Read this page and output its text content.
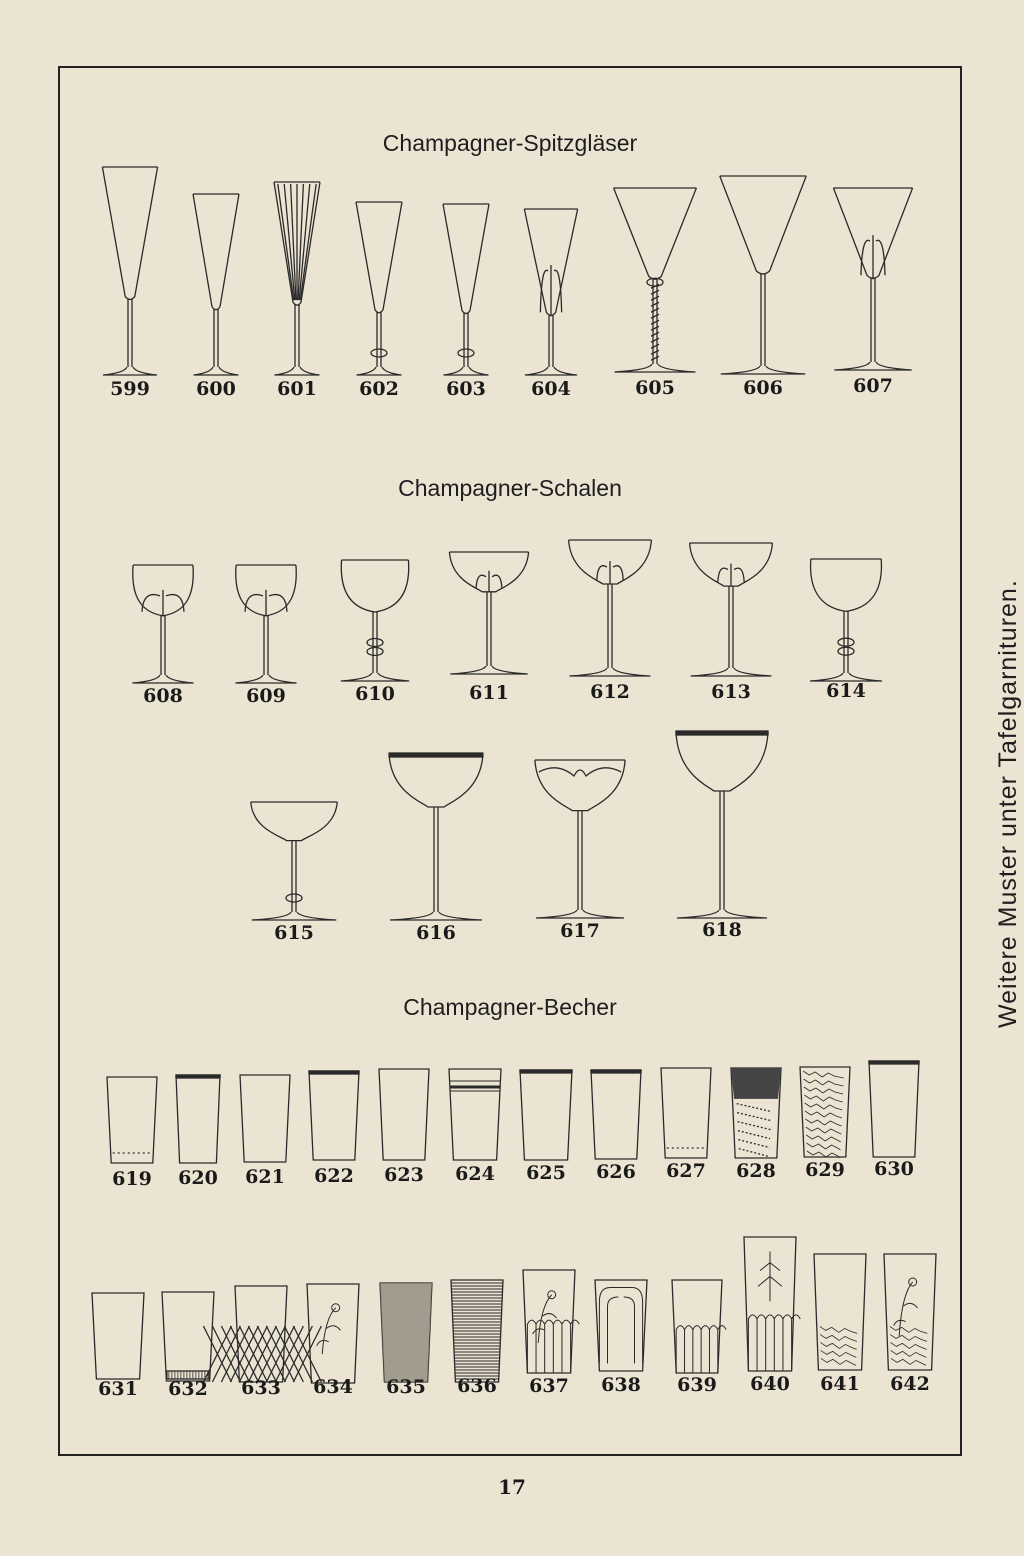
Champagner-Spitzgläser
Champagner-Schalen
Champagner-Becher
599	600	601	602	603	604	605	606	607
608	609	610	611	612	613	614
615	616	617	618
619	620	621	622	623	624	625	626	627	628	629	630
631	632	633	634	635	636	637	638	639	640	641	642
Weitere Muster unter Tafelgarnituren.
17
